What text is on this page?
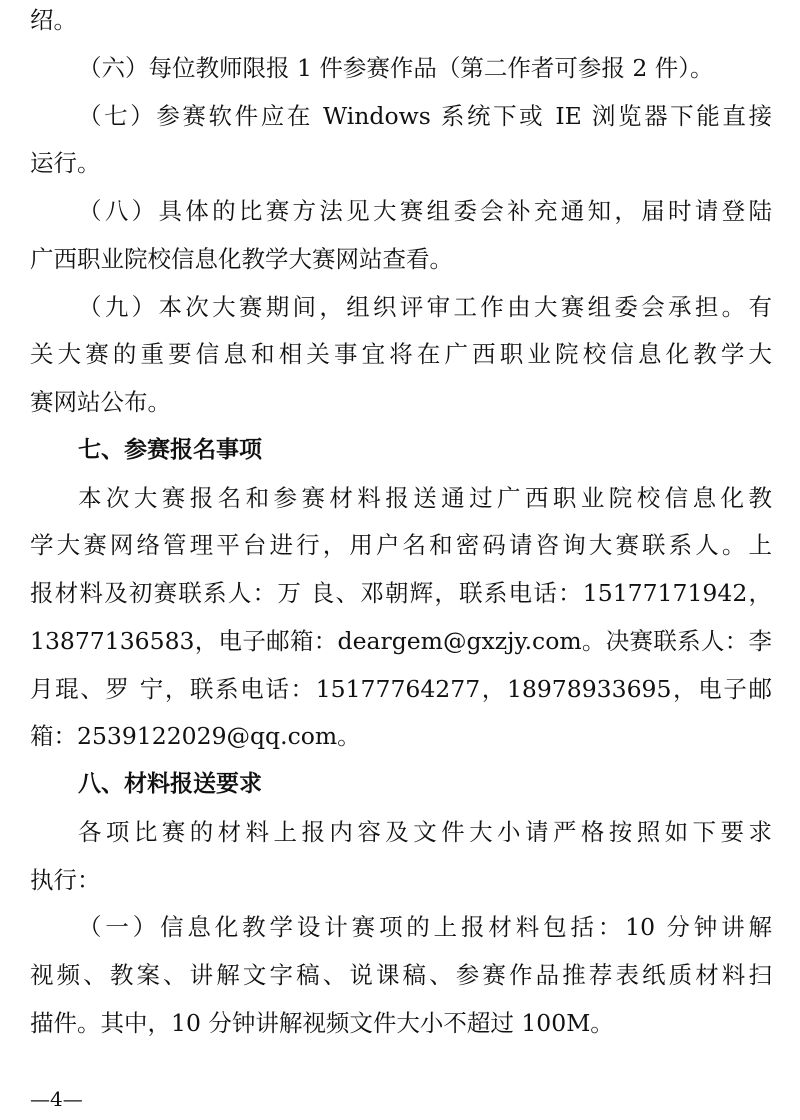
绍。
（六）每位教师限报 1 件参赛作品（第二作者可参报 2 件）。
（七）参赛软件应在 Windows 系统下或 IE 浏览器下能直接
运行。
（八）具体的比赛方法见大赛组委会补充通知，届时请登陆
广西职业院校信息化教学大赛网站查看。
（九）本次大赛期间，组织评审工作由大赛组委会承担。有
关大赛的重要信息和相关事宜将在广西职业院校信息化教学大
赛网站公布。
七、参赛报名事项
本次大赛报名和参赛材料报送通过广西职业院校信息化教
学大赛网络管理平台进行，用户名和密码请咨询大赛联系人。上
报材料及初赛联系人：万 良、邓朝辉，联系电话：15177171942，
13877136583，电子邮箱：deargem@gxzjy.com。决赛联系人：李
月琨、罗 宁，联系电话：15177764277，18978933695，电子邮
箱：2539122029@qq.com。
八、材料报送要求
各项比赛的材料上报内容及文件大小请严格按照如下要求
执行：
（一）信息化教学设计赛项的上报材料包括：10 分钟讲解
视频、教案、讲解文字稿、说课稿、参赛作品推荐表纸质材料扫
描件。其中，10 分钟讲解视频文件大小不超过 100M。
—4—
